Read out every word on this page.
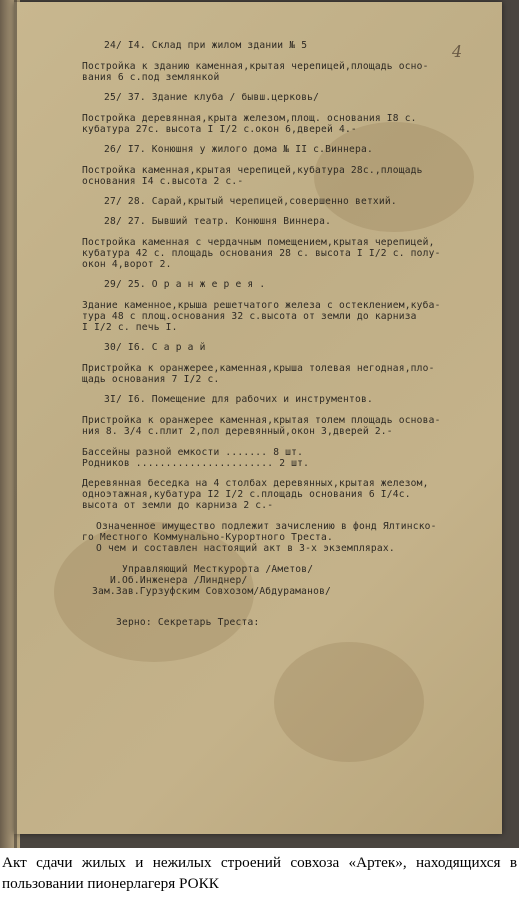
4
24/ I4. Склад при жилом здании № 5
Постройка к зданию каменная,крытая черепицей,площадь осно-
вания 6 с.под землянкой
25/ 37. Здание клуба / бывш.церковь/
Постройка деревянная,крыта железом,площ. основания I8 с.
кубатура 27с. высота I I/2 с.окон 6,дверей 4.-
26/ I7. Конюшня у жилого дома № II с.Виннера.
Постройка каменная,крытая черепицей,кубатура 28с.,площадь
основания I4 с.высота 2 с.-
27/ 28. Сарай,крытый черепицей,совершенно ветхий.
28/ 27. Бывший театр. Конюшня Виннера.
Постройка каменная с чердачным помещением,крытая черепицей,
кубатура 42 с. площадь основания 28 с. высота I I/2 с. полу-
окон 4,ворот 2.
29/ 25. О р а н ж е р е я .
Здание каменное,крыша решетчатого железа с остеклением,куба-
тура 48 с площ.основания 32 с.высота от земли до карниза
I I/2 с. печь I.
30/ I6. С а р а й
Пристройка к оранжерее,каменная,крыша толевая негодная,пло-
щадь основания 7 I/2 с.
3I/ I6. Помещение для рабочих и инструментов.
Пристройка к оранжерее каменная,крытая толем площадь основа-
ния 8. 3/4 с.плит 2,пол деревянный,окон 3,дверей 2.-
Бассейны разной емкости ....... 8 шт.
Родников ....................... 2 шт.
Деревянная беседка на 4 столбах деревянных,крытая железом,
одноэтажная,кубатура I2 I/2 с.площадь основания 6 I/4с.
высота от земли до карниза 2 с.-
Означенное имущество подлежит зачислению в фонд Ялтинско-
го Местного Коммунально-Курортного Треста.
О чем и составлен настоящий акт в 3-х экземплярах.
Управляющий Месткурорта /Аметов/
И.Об.Инженера /Линднер/
Зам.Зав.Гурзуфским Совхозом/Абдураманов/
Зерно: Секретарь Треста:
Акт сдачи жилых и нежилых строений совхоза «Артек», находящихся в пользовании пионерлагеря РОКК
